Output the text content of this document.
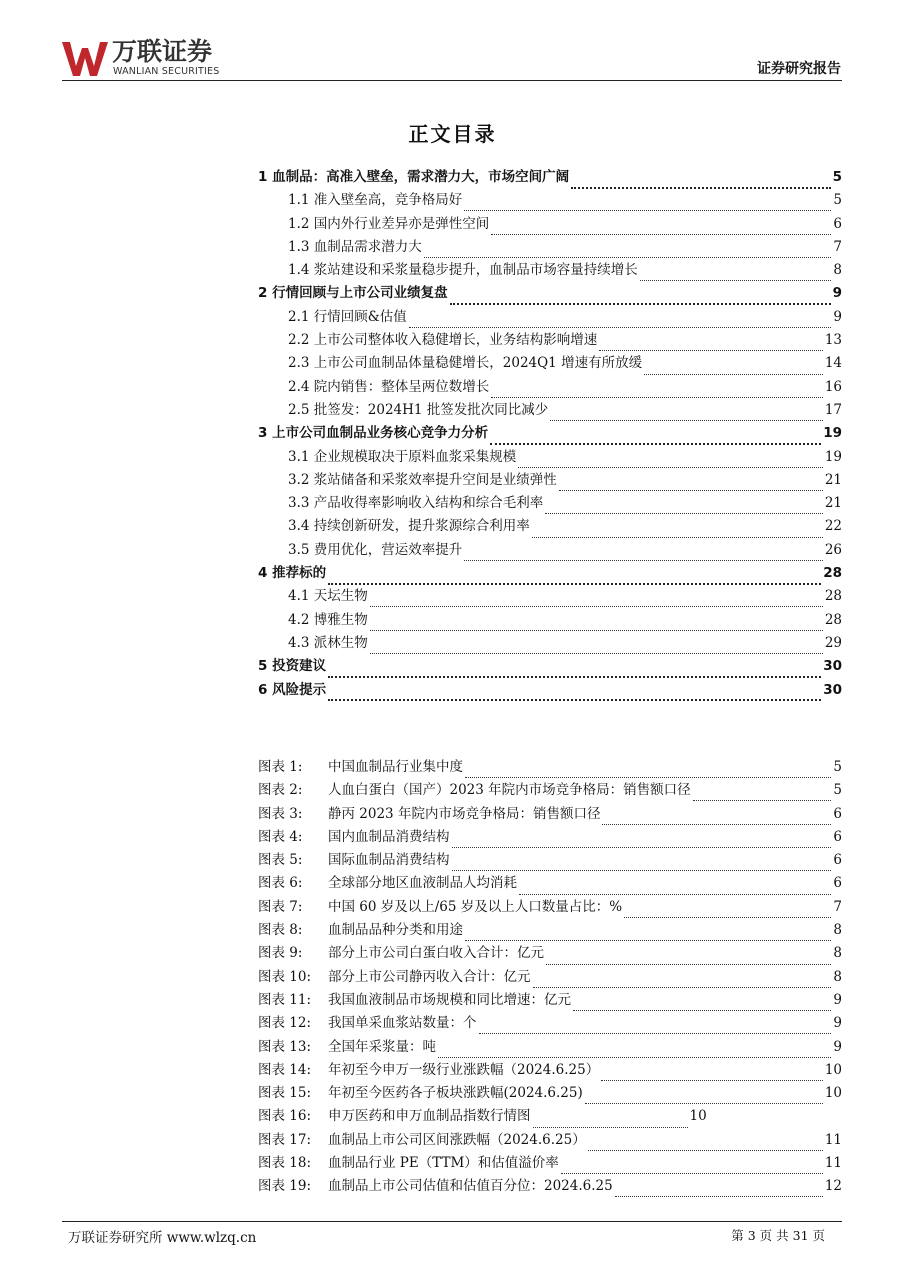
万联证券
WANLIAN SECURITIES	证券研究报告
正文目录
1 血制品：高准入壁垒，需求潜力大，市场空间广阔	5
1.1 准入壁垒高，竞争格局好	5
1.2 国内外行业差异亦是弹性空间	6
1.3 血制品需求潜力大	7
1.4 浆站建设和采浆量稳步提升，血制品市场容量持续增长	8
2 行情回顾与上市公司业绩复盘	9
2.1 行情回顾&估值	9
2.2 上市公司整体收入稳健增长，业务结构影响增速	13
2.3 上市公司血制品体量稳健增长，2024Q1 增速有所放缓	14
2.4 院内销售：整体呈两位数增长	16
2.5 批签发：2024H1 批签发批次同比减少	17
3 上市公司血制品业务核心竞争力分析	19
3.1 企业规模取决于原料血浆采集规模	19
3.2 浆站储备和采浆效率提升空间是业绩弹性	21
3.3 产品收得率影响收入结构和综合毛利率	21
3.4 持续创新研发，提升浆源综合利用率	22
3.5 费用优化，营运效率提升	26
4 推荐标的	28
4.1 天坛生物	28
4.2 博雅生物	28
4.3 派林生物	29
5 投资建议	30
6 风险提示	30
图表 1:	中国血制品行业集中度	5
图表 2:	人血白蛋白（国产）2023 年院内市场竞争格局：销售额口径	5
图表 3:	静丙 2023 年院内市场竞争格局：销售额口径	6
图表 4:	国内血制品消费结构	6
图表 5:	国际血制品消费结构	6
图表 6:	全球部分地区血液制品人均消耗	6
图表 7:	中国 60 岁及以上/65 岁及以上人口数量占比：%	7
图表 8:	血制品品种分类和用途	8
图表 9:	部分上市公司白蛋白收入合计：亿元	8
图表 10:	部分上市公司静丙收入合计：亿元	8
图表 11:	我国血液制品市场规模和同比增速：亿元	9
图表 12:	我国单采血浆站数量：个	9
图表 13:	全国年采浆量：吨	9
图表 14:	年初至今申万一级行业涨跌幅（2024.6.25）	10
图表 15:	年初至今医药各子板块涨跌幅(2024.6.25)	10
图表 16:	申万医药和申万血制品指数行情图	10
图表 17:	血制品上市公司区间涨跌幅（2024.6.25）	11
图表 18:	血制品行业 PE（TTM）和估值溢价率	11
图表 19:	血制品上市公司估值和估值百分位：2024.6.25	12
万联证券研究所 www.wlzq.cn	第 3 页 共 31 页
